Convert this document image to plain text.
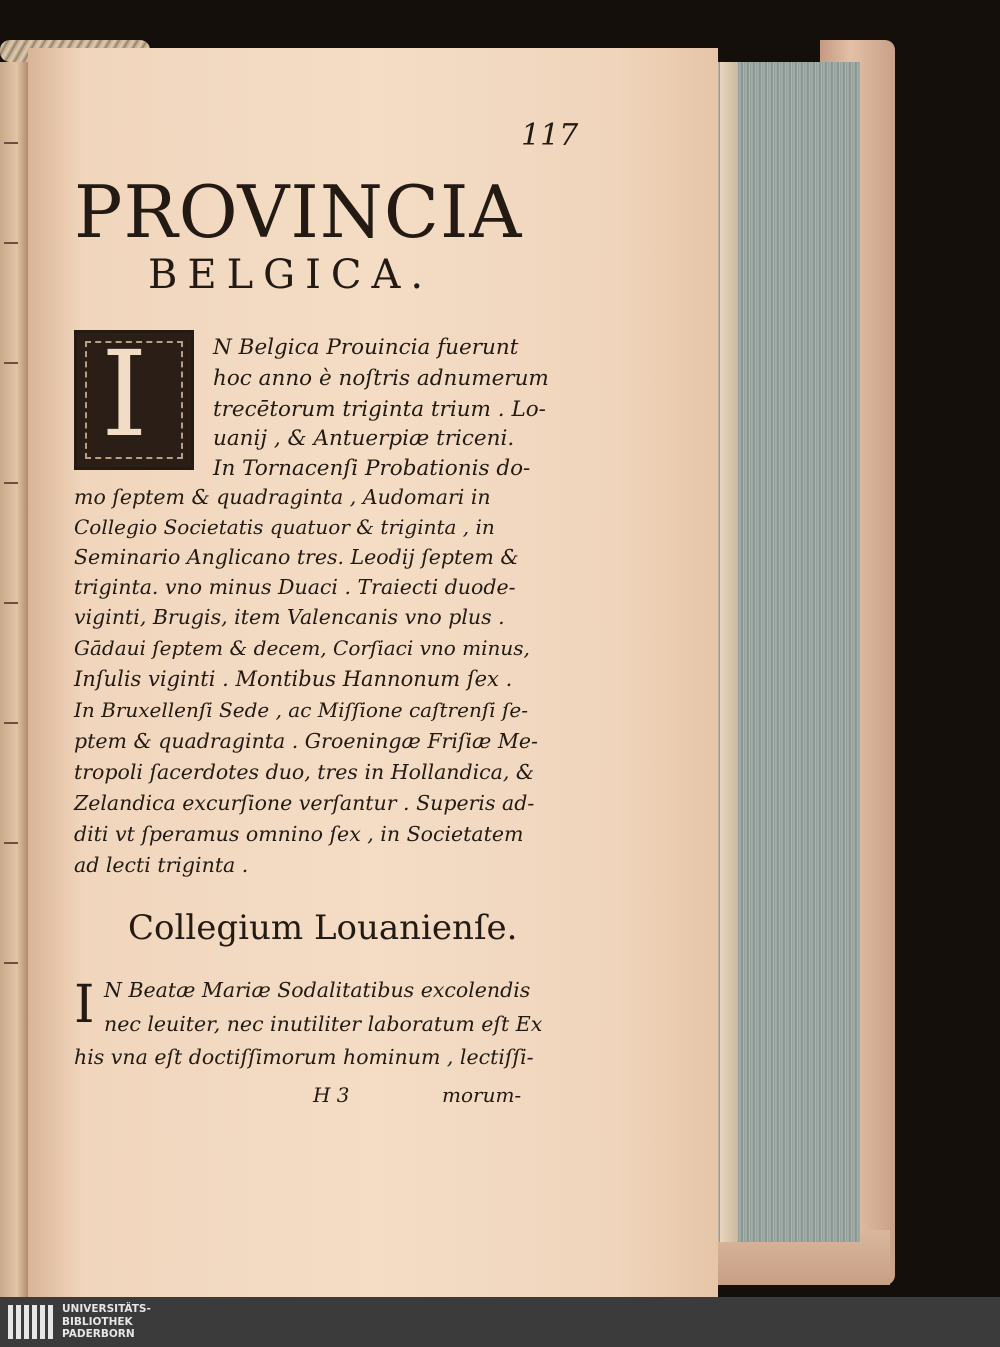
117
PROVINCIA
BELGICA.
I	N Belgica Prouincia fuerunt
hoc anno è noſtris adnumerum
trecētorum triginta trium . Lo-
uanij , & Antuerpiæ triceni.
In Tornacenſi Probationis do-
mo ſeptem & quadraginta , Audomari in
Collegio Societatis quatuor & triginta , in
Seminario Anglicano tres. Leodij ſeptem &
triginta. vno minus Duaci . Traiecti duode-
viginti, Brugis, item Valencanis vno plus .
Gādaui ſeptem & decem, Corſiaci vno minus,
Inſulis viginti . Montibus Hannonum ſex .
In Bruxellenſi Sede , ac Miſſione caſtrenſi ſe-
ptem & quadraginta . Groeningæ Friſiæ Me-
tropoli ſacerdotes duo, tres in Hollandica, &
Zelandica excurſione verſantur . Superis ad-
diti vt ſperamus omnino ſex , in Societatem
ad lecti triginta .
Collegium Louanienſe.
I N Beatæ Mariæ Sodalitatibus excolendis
nec leuiter, nec inutiliter laboratum eſt Ex
his vna eſt doctiſſimorum hominum , lectiſſi-
H 3	morum-
UNIVERSITÄTS-
BIBLIOTHEK
PADERBORN
